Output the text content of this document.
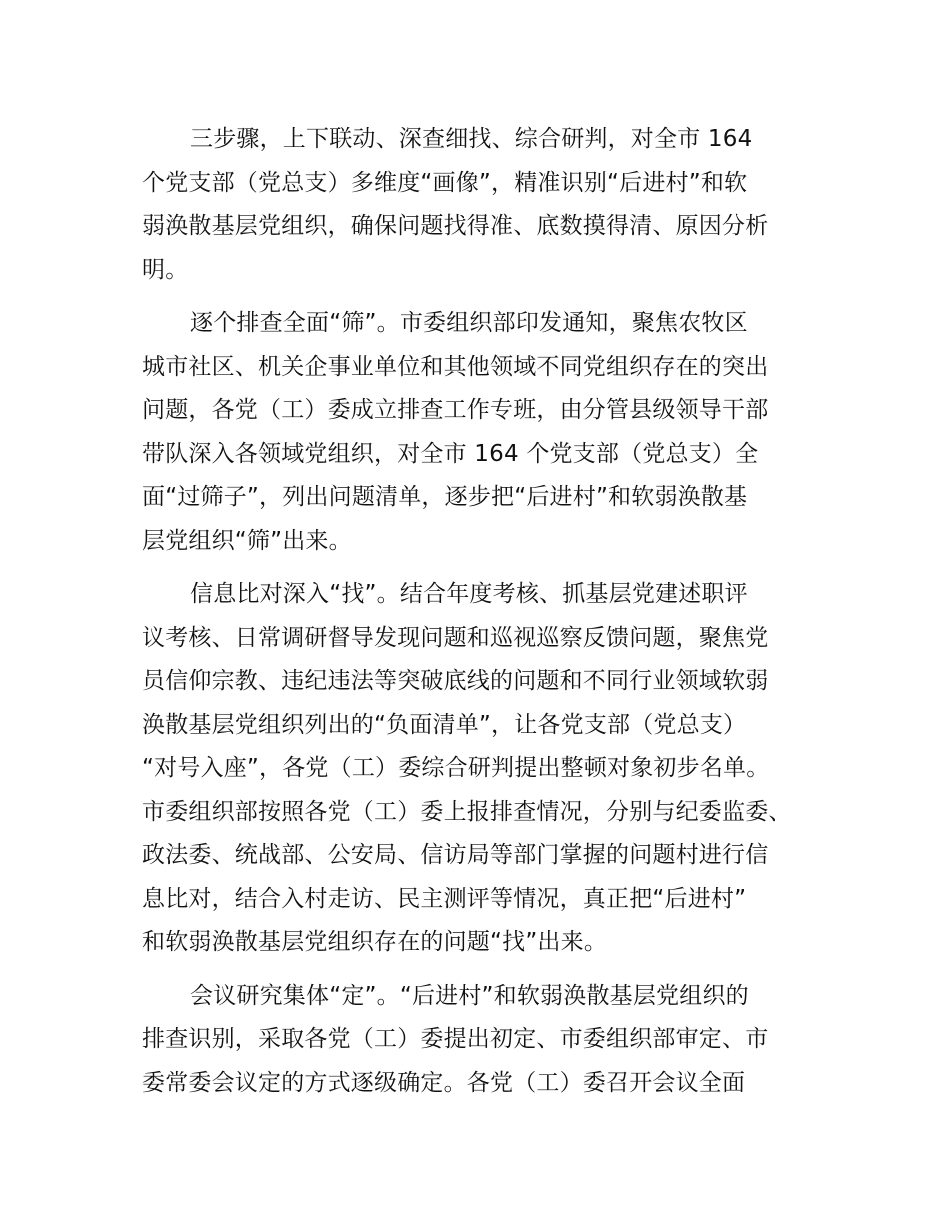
三步骤，上下联动、深查细找、综合研判，对全市 164
个党支部（党总支）多维度“画像”，精准识别“后进村”和软
弱涣散基层党组织，确保问题找得准、底数摸得清、原因分析
明。
逐个排查全面“筛”。市委组织部印发通知，聚焦农牧区
城市社区、机关企事业单位和其他领域不同党组织存在的突出
问题，各党（工）委成立排查工作专班，由分管县级领导干部
带队深入各领域党组织，对全市 164 个党支部（党总支）全
面“过筛子”，列出问题清单，逐步把“后进村”和软弱涣散基
层党组织“筛”出来。
信息比对深入“找”。结合年度考核、抓基层党建述职评
议考核、日常调研督导发现问题和巡视巡察反馈问题，聚焦党
员信仰宗教、违纪违法等突破底线的问题和不同行业领域软弱
涣散基层党组织列出的“负面清单”，让各党支部（党总支）
“对号入座”，各党（工）委综合研判提出整顿对象初步名单。
市委组织部按照各党（工）委上报排查情况，分别与纪委监委、
政法委、统战部、公安局、信访局等部门掌握的问题村进行信
息比对，结合入村走访、民主测评等情况，真正把“后进村”
和软弱涣散基层党组织存在的问题“找”出来。
会议研究集体“定”。“后进村”和软弱涣散基层党组织的
排查识别，采取各党（工）委提出初定、市委组织部审定、市
委常委会议定的方式逐级确定。各党（工）委召开会议全面
